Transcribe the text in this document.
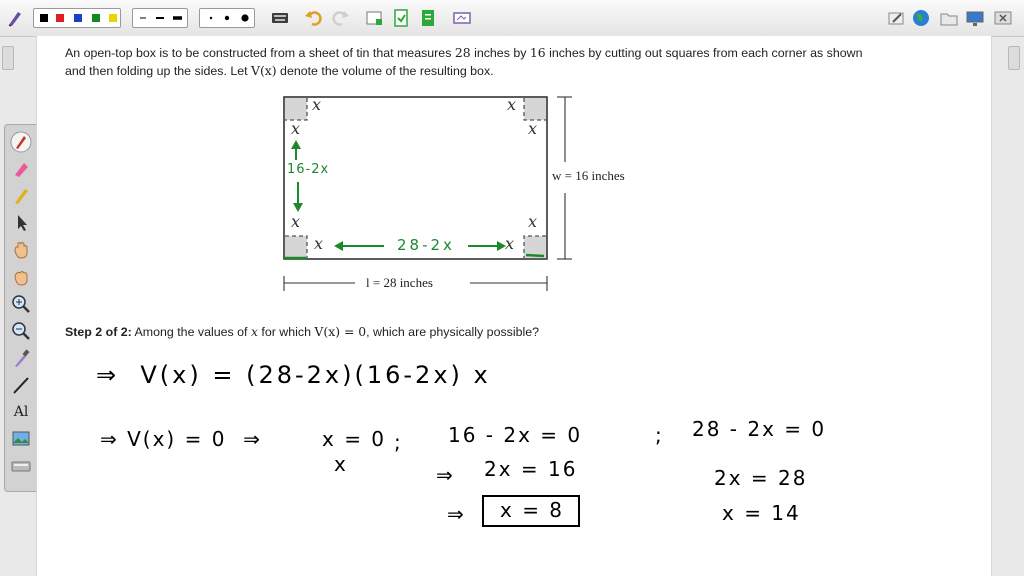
Al
An open-top box is to be constructed from a sheet of tin that measures 28 inches by 16 inches by cutting out squares from each corner as shown
and then folding up the sides. Let V(x) denote the volume of the resulting box.
x
x
x
x
x
x
x
x
w = 16 inches
l = 28 inches
16-2x
28-2x
Step 2 of 2: Among the values of x for which V(x) = 0, which are physically possible?
⇒  V(x) = (28-2x)(16-2x) x
⇒ V(x) = 0  ⇒	x = 0
x
; 16 - 2x = 0	; 28 - 2x = 0
⇒ 2x = 16
⇒ x = 8
2x = 28
x = 14
